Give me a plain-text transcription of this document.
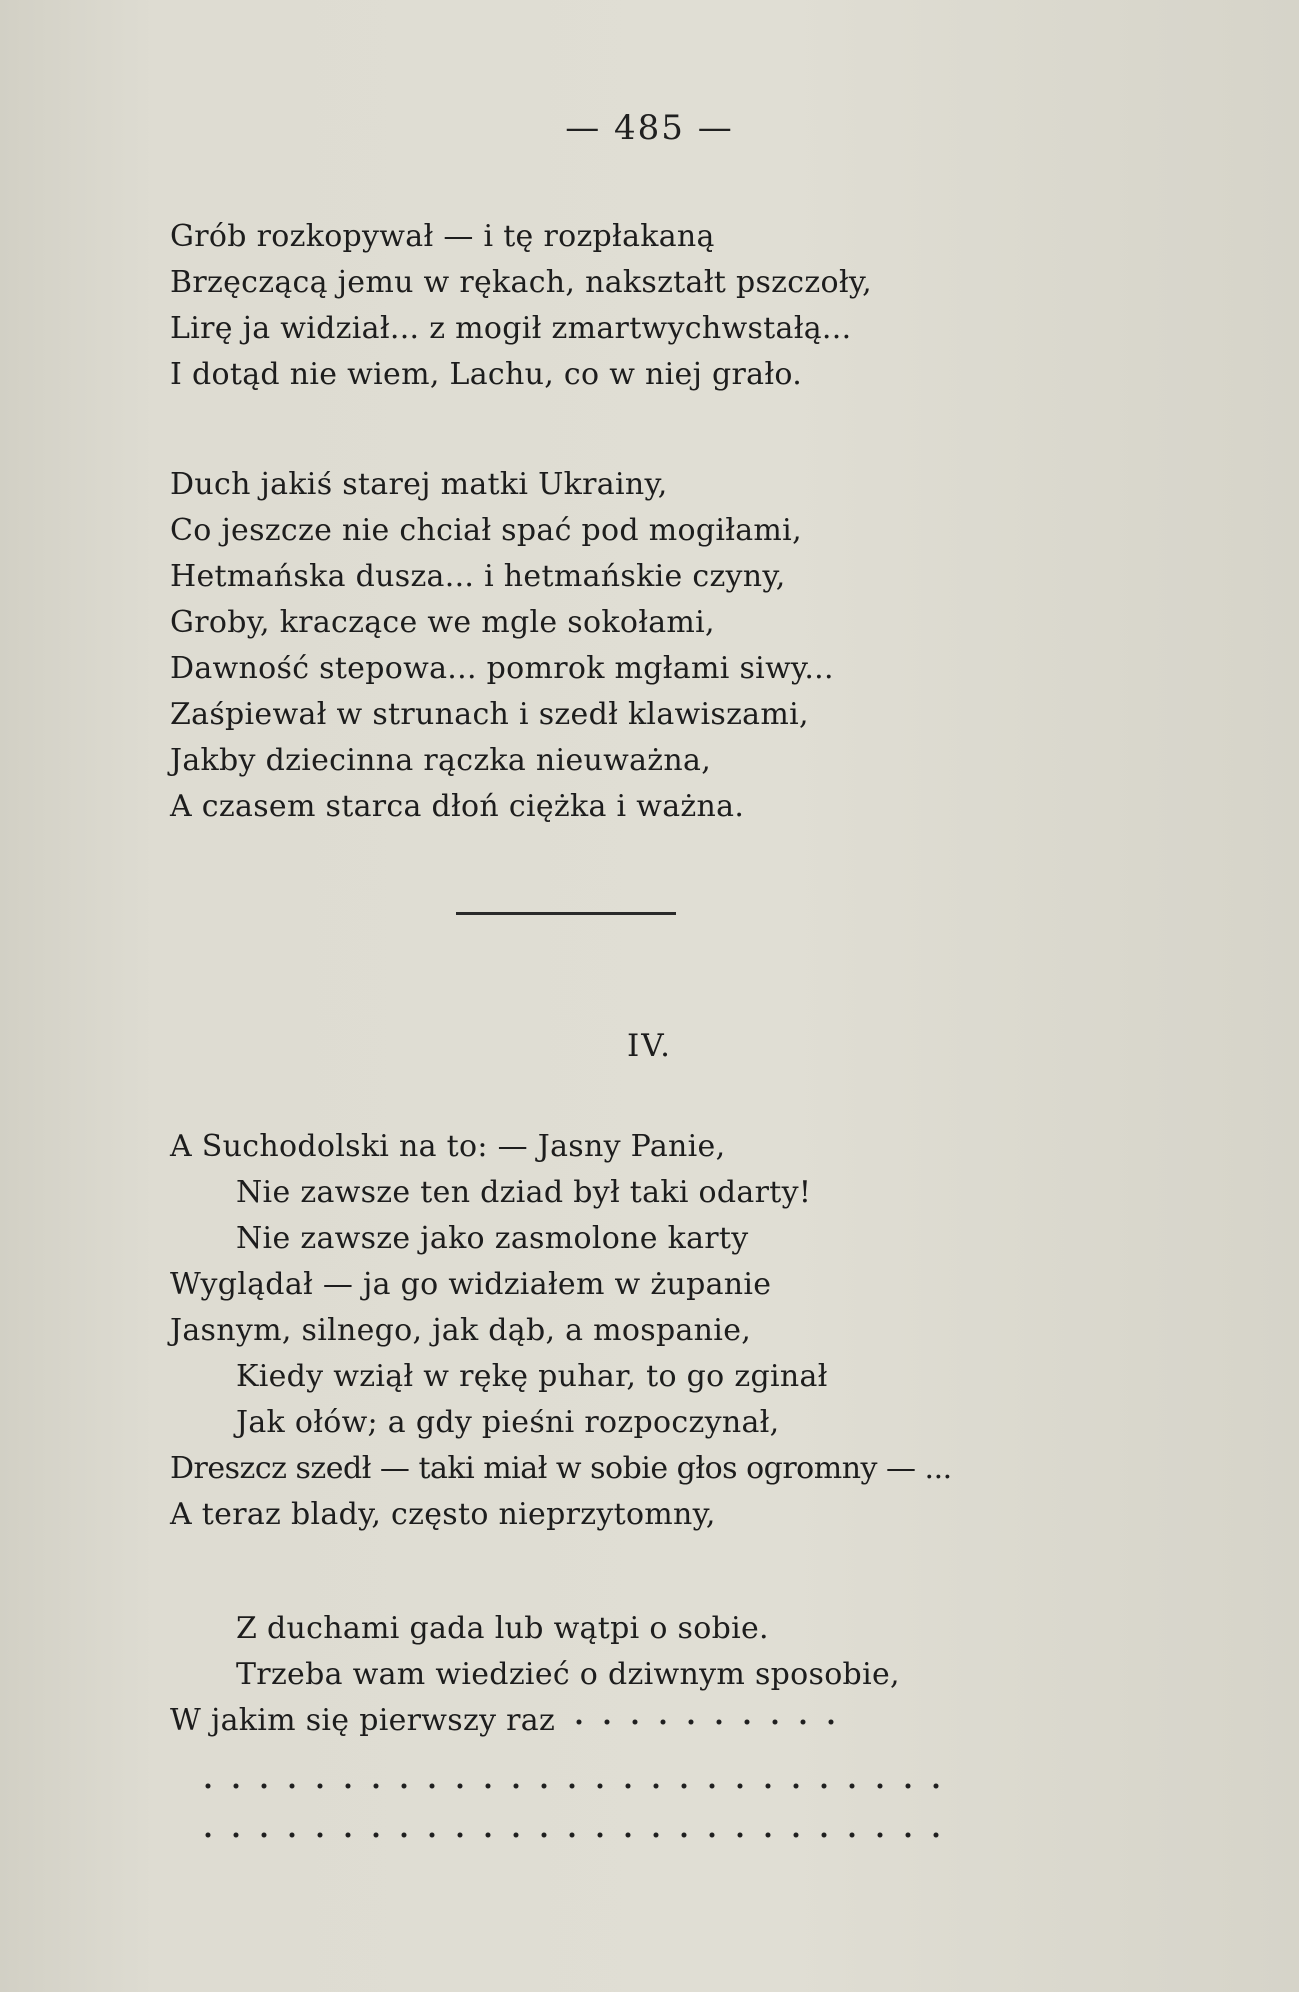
— 485 —
Grób rozkopywał — i tę rozpłakaną
Brzęczącą jemu w rękach, nakształt pszczoły,
Lirę ja widział... z mogił zmartwychwstałą...
I dotąd nie wiem, Lachu, co w niej grało.
Duch jakiś starej matki Ukrainy,
Co jeszcze nie chciał spać pod mogiłami,
Hetmańska dusza... i hetmańskie czyny,
Groby, kraczące we mgle sokołami,
Dawność stepowa... pomrok mgłami siwy...
Zaśpiewał w strunach i szedł klawiszami,
Jakby dziecinna rączka nieuważna,
A czasem starca dłoń ciężka i ważna.
IV.
A Suchodolski na to: — Jasny Panie,
Nie zawsze ten dziad był taki odarty!
Nie zawsze jako zasmolone karty
Wyglądał — ja go widziałem w żupanie
Jasnym, silnego, jak dąb, a mospanie,
Kiedy wziął w rękę puhar, to go zginał
Jak ołów; a gdy pieśni rozpoczynał,
Dreszcz szedł — taki miał w sobie głos ogromny — ...
A teraz blady, często nieprzytomny,
Z duchami gada lub wątpi o sobie.
Trzeba wam wiedzieć o dziwnym sposobie,
W jakim się pierwszy raz
